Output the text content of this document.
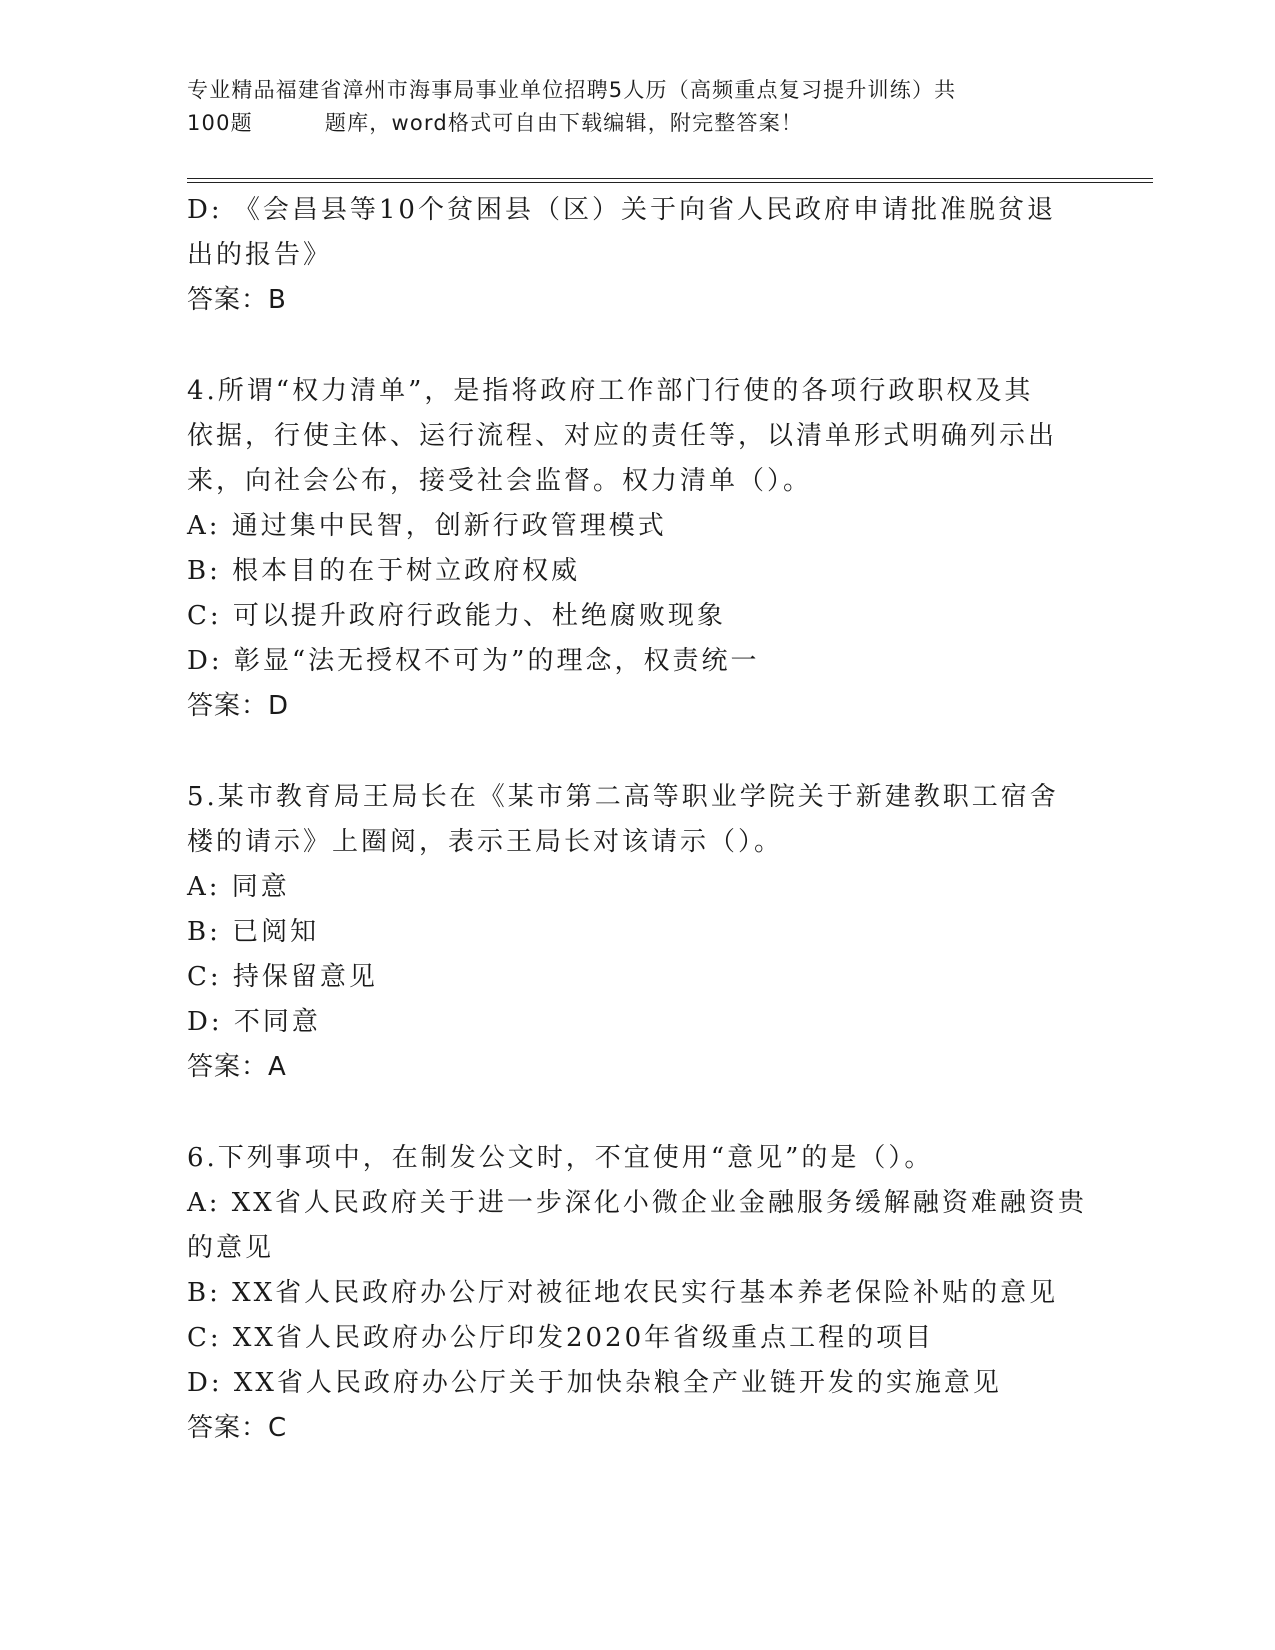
专业精品福建省漳州市海事局事业单位招聘5人历（高频重点复习提升训练）共
100题	题库，word格式可自由下载编辑，附完整答案！
D: 《会昌县等10个贫困县（区）关于向省人民政府申请批准脱贫退
出的报告》
答案：B
4.所谓“权力清单”，是指将政府工作部门行使的各项行政职权及其
依据，行使主体、运行流程、对应的责任等，以清单形式明确列示出
来，向社会公布，接受社会监督。权力清单（）。
A: 通过集中民智，创新行政管理模式
B: 根本目的在于树立政府权威
C: 可以提升政府行政能力、杜绝腐败现象
D: 彰显“法无授权不可为”的理念，权责统一
答案：D
5.某市教育局王局长在《某市第二高等职业学院关于新建教职工宿舍
楼的请示》上圈阅，表示王局长对该请示（）。
A: 同意
B: 已阅知
C: 持保留意见
D: 不同意
答案：A
6.下列事项中，在制发公文时，不宜使用“意见”的是（）。
A: XX省人民政府关于进一步深化小微企业金融服务缓解融资难融资贵
的意见
B: XX省人民政府办公厅对被征地农民实行基本养老保险补贴的意见
C: XX省人民政府办公厅印发2020年省级重点工程的项目
D: XX省人民政府办公厅关于加快杂粮全产业链开发的实施意见
答案：C
